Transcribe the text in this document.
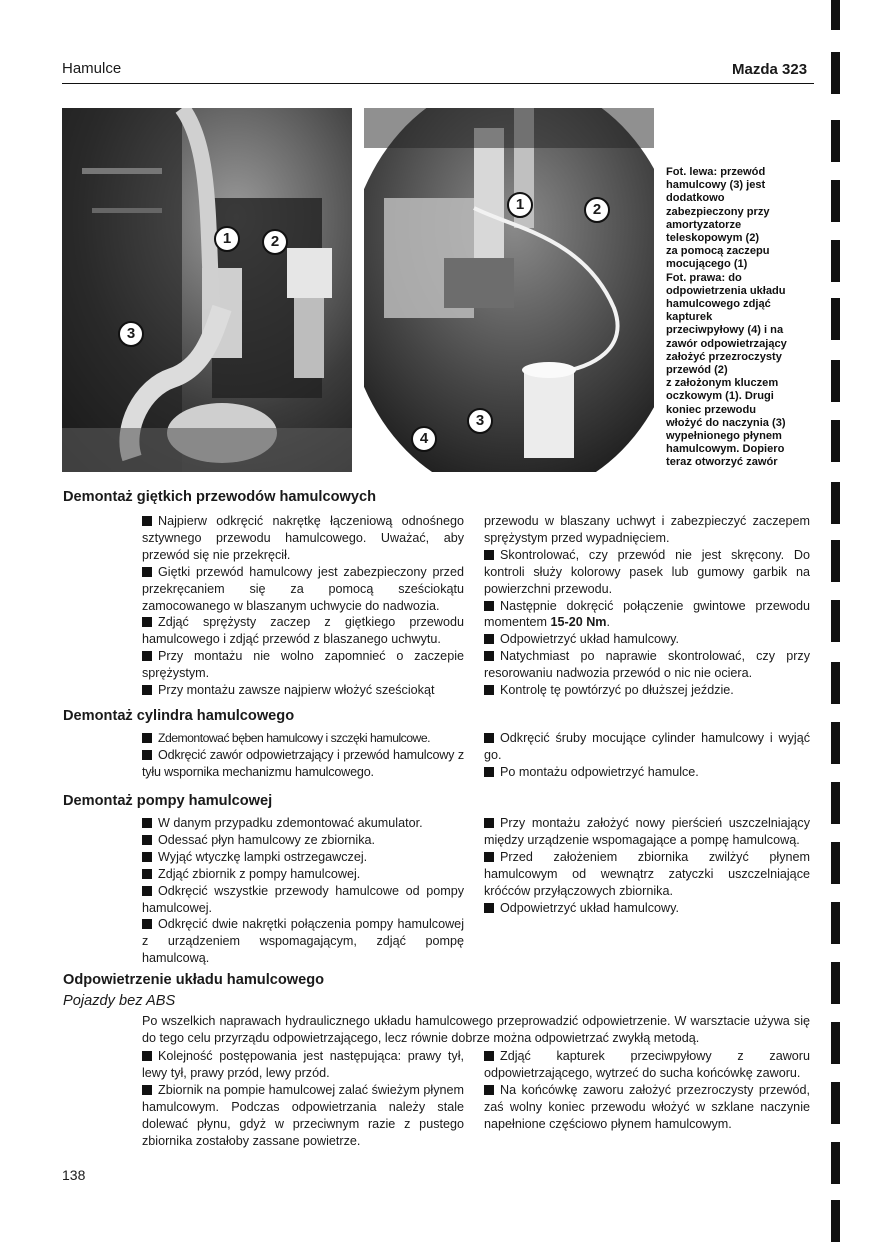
Hamulce	Mazda 323
1	2
3
1	2
3
4
Fot. lewa: przewód
hamulcowy (3) jest
dodatkowo
zabezpieczony przy
amortyzatorze
teleskopowym (2)
za pomocą zaczepu
mocującego (1)
Fot. prawa: do
odpowietrzenia układu
hamulcowego zdjąć
kapturek
przeciwpyłowy (4) i na
zawór odpowietrzający
założyć przezroczysty
przewód (2)
z założonym kluczem
oczkowym (1). Drugi
koniec przewodu
włożyć do naczynia (3)
wypełnionego płynem
hamulcowym. Dopiero
teraz otworzyć zawór
Demontaż giętkich przewodów hamulcowych

Najpierw odkręcić nakrętkę łączeniową odnośnego sztywnego przewodu hamulcowego. Uważać, aby przewód się nie przekręcił.

Giętki przewód hamulcowy jest zabezpieczony przed przekręcaniem się za pomocą sześciokątu zamocowanego w blaszanym uchwycie do nadwozia.

Zdjąć sprężysty zaczep z giętkiego przewodu hamulcowego i zdjąć przewód z blaszanego uchwytu.

Przy montażu nie wolno zapomnieć o zaczepie sprężystym.

Przy montażu zawsze najpierw włożyć sześciokąt

przewodu w blaszany uchwyt i zabezpieczyć zaczepem sprężystym przed wypadnięciem.

Skontrolować, czy przewód nie jest skręcony. Do kontroli służy kolorowy pasek lub gumowy garbik na powierzchni przewodu.

Następnie dokręcić połączenie gwintowe przewodu momentem 15-20 Nm.

Odpowietrzyć układ hamulcowy.

Natychmiast po naprawie skontrolować, czy przy resorowaniu nadwozia przewód o nic nie ociera.

Kontrolę tę powtórzyć po dłuższej jeździe.

Demontaż cylindra hamulcowego

Zdemontować bęben hamulcowy i szczęki hamulcowe.

Odkręcić zawór odpowietrzający i przewód hamulcowy z tyłu wspornika mechanizmu hamulcowego.

Odkręcić śruby mocujące cylinder hamulcowy i wyjąć go.

Po montażu odpowietrzyć hamulce.

Demontaż pompy hamulcowej

W danym przypadku zdemontować akumulator.

Odessać płyn hamulcowy ze zbiornika.

Wyjąć wtyczkę lampki ostrzegawczej.

Zdjąć zbiornik z pompy hamulcowej.

Odkręcić wszystkie przewody hamulcowe od pompy hamulcowej.

Odkręcić dwie nakrętki połączenia pompy hamulcowej z urządzeniem wspomagającym, zdjąć pompę hamulcową.

Przy montażu założyć nowy pierścień uszczelniający między urządzenie wspomagające a pompę hamulcową.

Przed założeniem zbiornika zwilżyć płynem hamulcowym od wewnątrz zatyczki uszczelniające króćców przyłączowych zbiornika.

Odpowietrzyć układ hamulcowy.

Odpowietrzenie układu hamulcowego
Pojazdy bez ABS

Po wszelkich naprawach hydraulicznego układu hamulcowego przeprowadzić odpowietrzenie. W warsztacie używa się do tego celu przyrządu odpowietrzającego, lecz równie dobrze można odpowietrzać zwykłą metodą.

Kolejność postępowania jest następująca: prawy tył, lewy tył, prawy przód, lewy przód.

Zbiornik na pompie hamulcowej zalać świeżym płynem hamulcowym. Podczas odpowietrzania należy stale dolewać płynu, gdyż w przeciwnym razie z pustego zbiornika zostałoby zassane powietrze.

Zdjąć kapturek przeciwpyłowy z zaworu odpowietrzającego, wytrzeć do sucha końcówkę zaworu.

Na końcówkę zaworu założyć przezroczysty przewód, zaś wolny koniec przewodu włożyć w szklane naczynie napełnione częściowo płynem hamulcowym.

138
